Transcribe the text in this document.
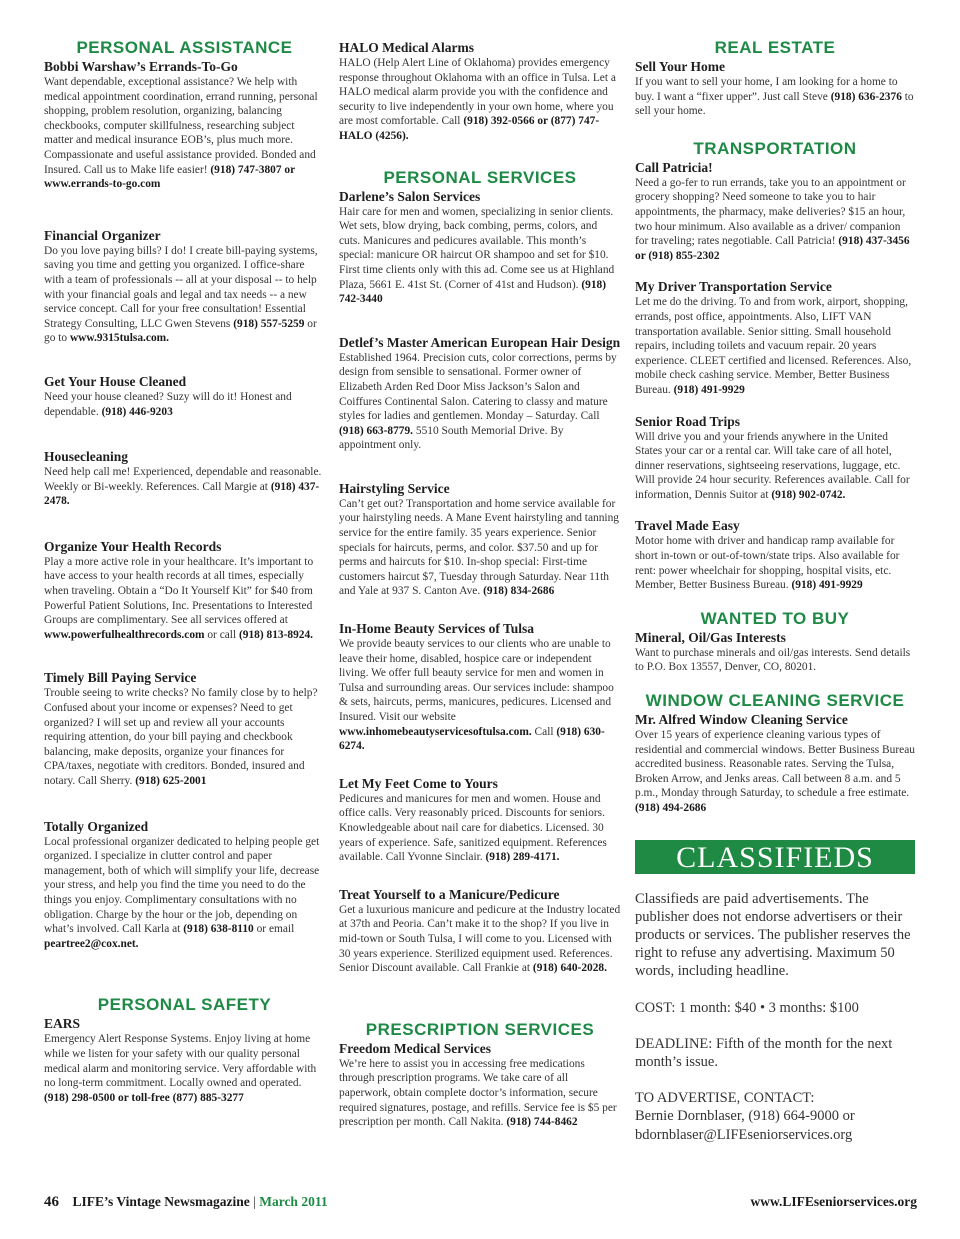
PERSONAL ASSISTANCE
Bobbi Warshaw’s Errands-To-Go
Want dependable, exceptional assistance? We help with medical appointment coordination, errand running, personal shopping, problem resolution, organizing, balancing checkbooks, computer skillfulness, researching subject matter and medical insurance EOB’s, plus much more. Compassionate and useful assistance provided. Bonded and Insured. Call us to Make life easier! (918) 747-3807 or www.errands-to-go.com
Financial Organizer
Do you love paying bills? I do! I create bill-paying systems, saving you time and getting you organized. I office-share with a team of professionals -- all at your disposal -- to help with your financial goals and legal and tax needs -- a new service concept. Call for your free consultation! Essential Strategy Consulting, LLC Gwen Stevens (918) 557-5259 or go to www.9315tulsa.com.
Get Your House Cleaned
Need your house cleaned? Suzy will do it! Honest and dependable. (918) 446-9203
Housecleaning
Need help call me! Experienced, dependable and reasonable. Weekly or Bi-weekly. References. Call Margie at (918) 437-2478.
Organize Your Health Records
Play a more active role in your healthcare. It’s important to have access to your health records at all times, especially when traveling. Obtain a “Do It Yourself Kit” for $40 from Powerful Patient Solutions, Inc. Presentations to Interested Groups are complimentary. See all services offered at www.powerfulhealthrecords.com or call (918) 813-8924.
Timely Bill Paying Service
Trouble seeing to write checks? No family close by to help? Confused about your income or expenses? Need to get organized? I will set up and review all your accounts requiring attention, do your bill paying and checkbook balancing, make deposits, organize your finances for CPA/taxes, negotiate with creditors. Bonded, insured and notary. Call Sherry. (918) 625-2001
Totally Organized
Local professional organizer dedicated to helping people get organized. I specialize in clutter control and paper management, both of which will simplify your life, decrease your stress, and help you find the time you need to do the things you enjoy. Complimentary consultations with no obligation. Charge by the hour or the job, depending on what’s involved. Call Karla at (918) 638-8110 or email peartree2@cox.net.
PERSONAL SAFETY
EARS
Emergency Alert Response Systems. Enjoy living at home while we listen for your safety with our quality personal medical alarm and monitoring service. Very affordable with no long-term commitment. Locally owned and operated. (918) 298-0500 or toll-free (877) 885-3277
HALO Medical Alarms
HALO (Help Alert Line of Oklahoma) provides emergency response throughout Oklahoma with an office in Tulsa. Let a HALO medical alarm provide you with the confidence and security to live independently in your own home, where you are most comfortable. Call (918) 392-0566 or (877) 747-HALO (4256).
PERSONAL SERVICES
Darlene’s Salon Services
Hair care for men and women, specializing in senior clients. Wet sets, blow drying, back combing, perms, colors, and cuts. Manicures and pedicures available. This month’s special: manicure OR haircut OR shampoo and set for $10. First time clients only with this ad. Come see us at Highland Plaza, 5661 E. 41st St. (Corner of 41st and Hudson). (918) 742-3440
Detlef’s Master American European Hair Design
Established 1964. Precision cuts, color corrections, perms by design from sensible to sensational. Former owner of Elizabeth Arden Red Door Miss Jackson’s Salon and Coiffures Continental Salon. Catering to classy and mature styles for ladies and gentlemen. Monday – Saturday. Call (918) 663-8779. 5510 South Memorial Drive. By appointment only.
Hairstyling Service
Can’t get out? Transportation and home service available for your hairstyling needs. A Mane Event hairstyling and tanning service for the entire family. 35 years experience. Senior specials for haircuts, perms, and color. $37.50 and up for perms and haircuts for $10. In-shop special: First-time customers haircut $7, Tuesday through Saturday. Near 11th and Yale at 937 S. Canton Ave. (918) 834-2686
In-Home Beauty Services of Tulsa
We provide beauty services to our clients who are unable to leave their home, disabled, hospice care or independent living. We offer full beauty service for men and women in Tulsa and surrounding areas. Our services include: shampoo & sets, haircuts, perms, manicures, pedicures. Licensed and Insured. Visit our website www.inhomebeautyservicesoftulsa.com. Call (918) 630-6274.
Let My Feet Come to Yours
Pedicures and manicures for men and women. House and office calls. Very reasonably priced. Discounts for seniors. Knowledgeable about nail care for diabetics. Licensed. 30 years of experience. Safe, sanitized equipment. References available. Call Yvonne Sinclair. (918) 289-4171.
Treat Yourself to a Manicure/Pedicure
Get a luxurious manicure and pedicure at the Industry located at 37th and Peoria. Can’t make it to the shop? If you live in mid-town or South Tulsa, I will come to you. Licensed with 30 years experience. Sterilized equipment used. References. Senior Discount available. Call Frankie at (918) 640-2028.
PRESCRIPTION SERVICES
Freedom Medical Services
We’re here to assist you in accessing free medications through prescription programs. We take care of all paperwork, obtain complete doctor’s information, secure required signatures, postage, and refills. Service fee is $5 per prescription per month. Call Nakita. (918) 744-8462
REAL ESTATE
Sell Your Home
If you want to sell your home, I am looking for a home to buy. I want a “fixer upper”. Just call Steve (918) 636-2376 to sell your home.
TRANSPORTATION
Call Patricia!
Need a go-fer to run errands, take you to an appointment or grocery shopping? Need someone to take you to hair appointments, the pharmacy, make deliveries? $15 an hour, two hour minimum. Also available as a driver/ companion for traveling; rates negotiable. Call Patricia! (918) 437-3456 or (918) 855-2302
My Driver Transportation Service
Let me do the driving. To and from work, airport, shopping, errands, post office, appointments. Also, LIFT VAN transportation available. Senior sitting. Small household repairs, including toilets and vacuum repair. 20 years experience. CLEET certified and licensed. References. Also, mobile check cashing service. Member, Better Business Bureau. (918) 491-9929
Senior Road Trips
Will drive you and your friends anywhere in the United States your car or a rental car. Will take care of all hotel, dinner reservations, sightseeing reservations, luggage, etc. Will provide 24 hour security. References available. Call for information, Dennis Suitor at (918) 902-0742.
Travel Made Easy
Motor home with driver and handicap ramp available for short in-town or out-of-town/state trips. Also available for rent: power wheelchair for shopping, hospital visits, etc. Member, Better Business Bureau. (918) 491-9929
WANTED TO BUY
Mineral, Oil/Gas Interests
Want to purchase minerals and oil/gas interests. Send details to P.O. Box 13557, Denver, CO, 80201.
WINDOW CLEANING SERVICE
Mr. Alfred Window Cleaning Service
Over 15 years of experience cleaning various types of residential and commercial windows. Better Business Bureau accredited business. Reasonable rates. Serving the Tulsa, Broken Arrow, and Jenks areas. Call between 8 a.m. and 5 p.m., Monday through Saturday, to schedule a free estimate. (918) 494-2686
CLASSIFIEDS
Classifieds are paid advertisements. The publisher does not endorse advertisers or their products or services. The publisher reserves the right to refuse any advertising. Maximum 50 words, including headline.
COST: 1 month: $40 • 3 months: $100
DEADLINE: Fifth of the month for the next month’s issue.
TO ADVERTISE, CONTACT:
Bernie Dornblaser, (918) 664-9000 or
bdornblaser@LIFEseniorservices.org
46 LIFE’s Vintage Newsmagazine | March 2011	www.LIFEseniorservices.org
